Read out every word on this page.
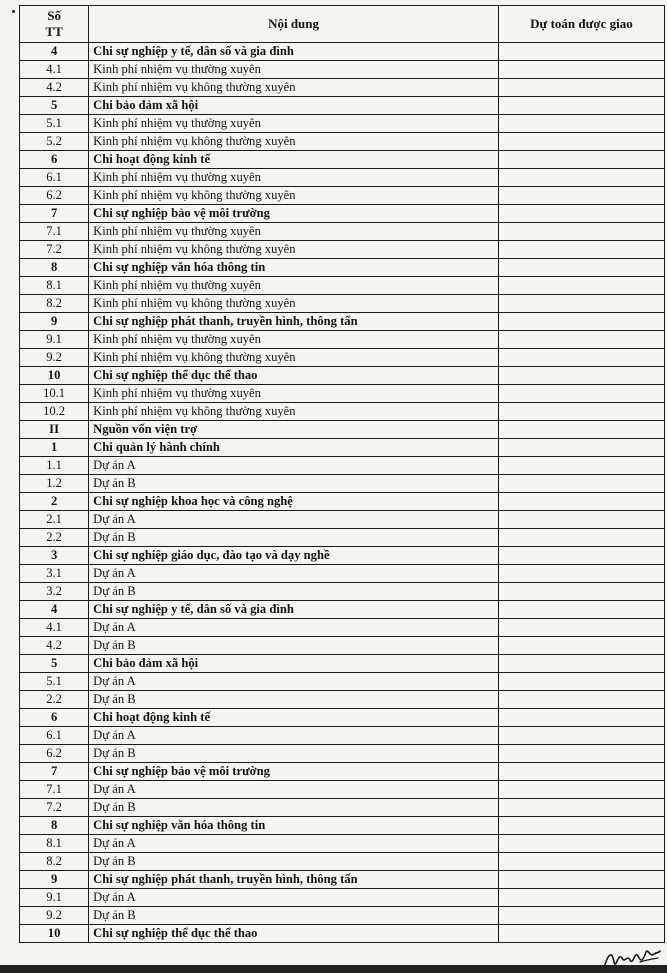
Số
TT	Nội dung	Dự toán được giao
4	Chi sự nghiệp y tế, dân số và gia đình	
4.1	Kinh phí nhiệm vụ thường xuyên	
4.2	Kinh phí nhiệm vụ không thường xuyên	
5	Chi bảo đảm xã hội	
5.1	Kinh phí nhiệm vụ thường xuyên	
5.2	Kinh phí nhiệm vụ không thường xuyên	
6	Chi hoạt động kinh tế	
6.1	Kinh phí nhiệm vụ thường xuyên	
6.2	Kinh phí nhiệm vụ không thường xuyên	
7	Chi sự nghiệp bảo vệ môi trường	
7.1	Kinh phí nhiệm vụ thường xuyên	
7.2	Kinh phí nhiệm vụ không thường xuyên	
8	Chi sự nghiệp văn hóa thông tin	
8.1	Kinh phí nhiệm vụ thường xuyên	
8.2	Kinh phí nhiệm vụ không thường xuyên	
9	Chi sự nghiệp phát thanh, truyền hình, thông tấn	
9.1	Kinh phí nhiệm vụ thường xuyên	
9.2	Kinh phí nhiệm vụ không thường xuyên	
10	Chi sự nghiệp thể dục thể thao	
10.1	Kinh phí nhiệm vụ thường xuyên	
10.2	Kinh phí nhiệm vụ không thường xuyên	
II	Nguồn vốn viện trợ	
1	Chi quản lý hành chính	
1.1	Dự án A	
1.2	Dự án B	
2	Chi sự nghiệp khoa học và công nghệ	
2.1	Dự án A	
2.2	Dự án B	
3	Chi sự nghiệp giáo dục, đào tạo và dạy nghề	
3.1	Dự án A	
3.2	Dự án B	
4	Chi sự nghiệp y tế, dân số và gia đình	
4.1	Dự án A	
4.2	Dự án B	
5	Chi bảo đảm xã hội	
5.1	Dự án A	
2.2	Dự án B	
6	Chi hoạt động kinh tế	
6.1	Dự án A	
6.2	Dự án B	
7	Chi sự nghiệp bảo vệ môi trường	
7.1	Dự án A	
7.2	Dự án B	
8	Chi sự nghiệp văn hóa thông tin	
8.1	Dự án A	
8.2	Dự án B	
9	Chi sự nghiệp phát thanh, truyền hình, thông tấn	
9.1	Dự án A	
9.2	Dự án B	
10	Chi sự nghiệp thể dục thể thao	
